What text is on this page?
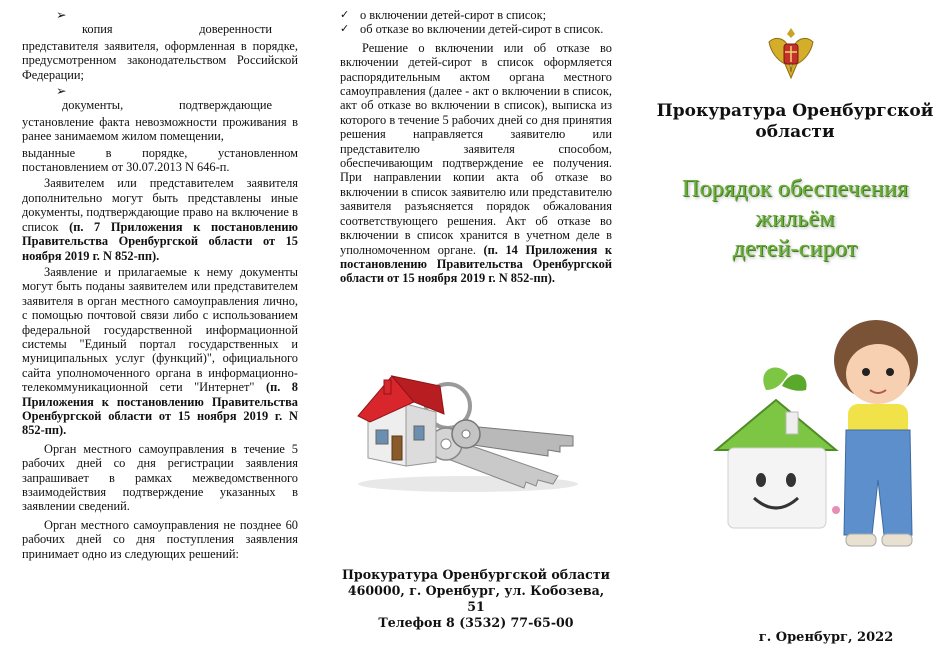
➢копия доверенности

представителя заявителя, оформленная в порядке, предусмотренном законодательством Российской Федерации;

➢документы, подтверждающие

установление факта невозможности проживания в ранее занимаемом жилом помещении,

выданные в порядке, установленном постановлением от 30.07.2013 N 646-п.

Заявителем или представителем заявителя дополнительно могут быть представлены иные документы, подтверждающие право на включение в список (п. 7 Приложения к постановлению Правительства Оренбургской области от 15 ноября 2019 г. N 852-пп).

Заявление и прилагаемые к нему документы могут быть поданы заявителем или представителем заявителя в орган местного самоуправления лично, с помощью почтовой связи либо с использованием федеральной государственной информационной системы "Единый портал государственных и муниципальных услуг (функций)", официального сайта уполномоченного органа в информационно-телекоммуникационной сети "Интернет" (п. 8 Приложения к постановлению Правительства Оренбургской области от 15 ноября 2019 г. N 852-пп).

Орган местного самоуправления в течение 5 рабочих дней со дня регистрации заявления запрашивает в рамках межведомственного взаимодействия подтверждение указанных в заявлении сведений.

Орган местного самоуправления не позднее 60 рабочих дней со дня поступления заявления принимает одно из следующих решений:

✓ о включении детей-сирот в список;
✓ об отказе во включении детей-сирот в список.

Решение о включении или об отказе во включении детей-сирот в список оформляется распорядительным актом органа местного самоуправления (далее - акт о включении в список, акт об отказе во включении в список), выписка из которого в течение 5 рабочих дней со дня принятия решения направляется заявителю или представителю заявителя способом, обеспечивающим подтверждение ее получения. При направлении копии акта об отказе во включении в список заявителю или представителю заявителя разъясняется порядок обжалования соответствующего решения. Акт об отказе во включении в список хранится в учетном деле в уполномоченном органе. (п. 14 Приложения к постановлению Правительства Оренбургской области от 15 ноября 2019 г. N 852-пп).

Прокуратура Оренбургской области
460000, г. Оренбург, ул. Кобозева, 51
Телефон 8 (3532) 77-65-00
Прокуратура Оренбургской
области
Порядок обеспечения
жильём
детей-сирот
г. Оренбург, 2022
